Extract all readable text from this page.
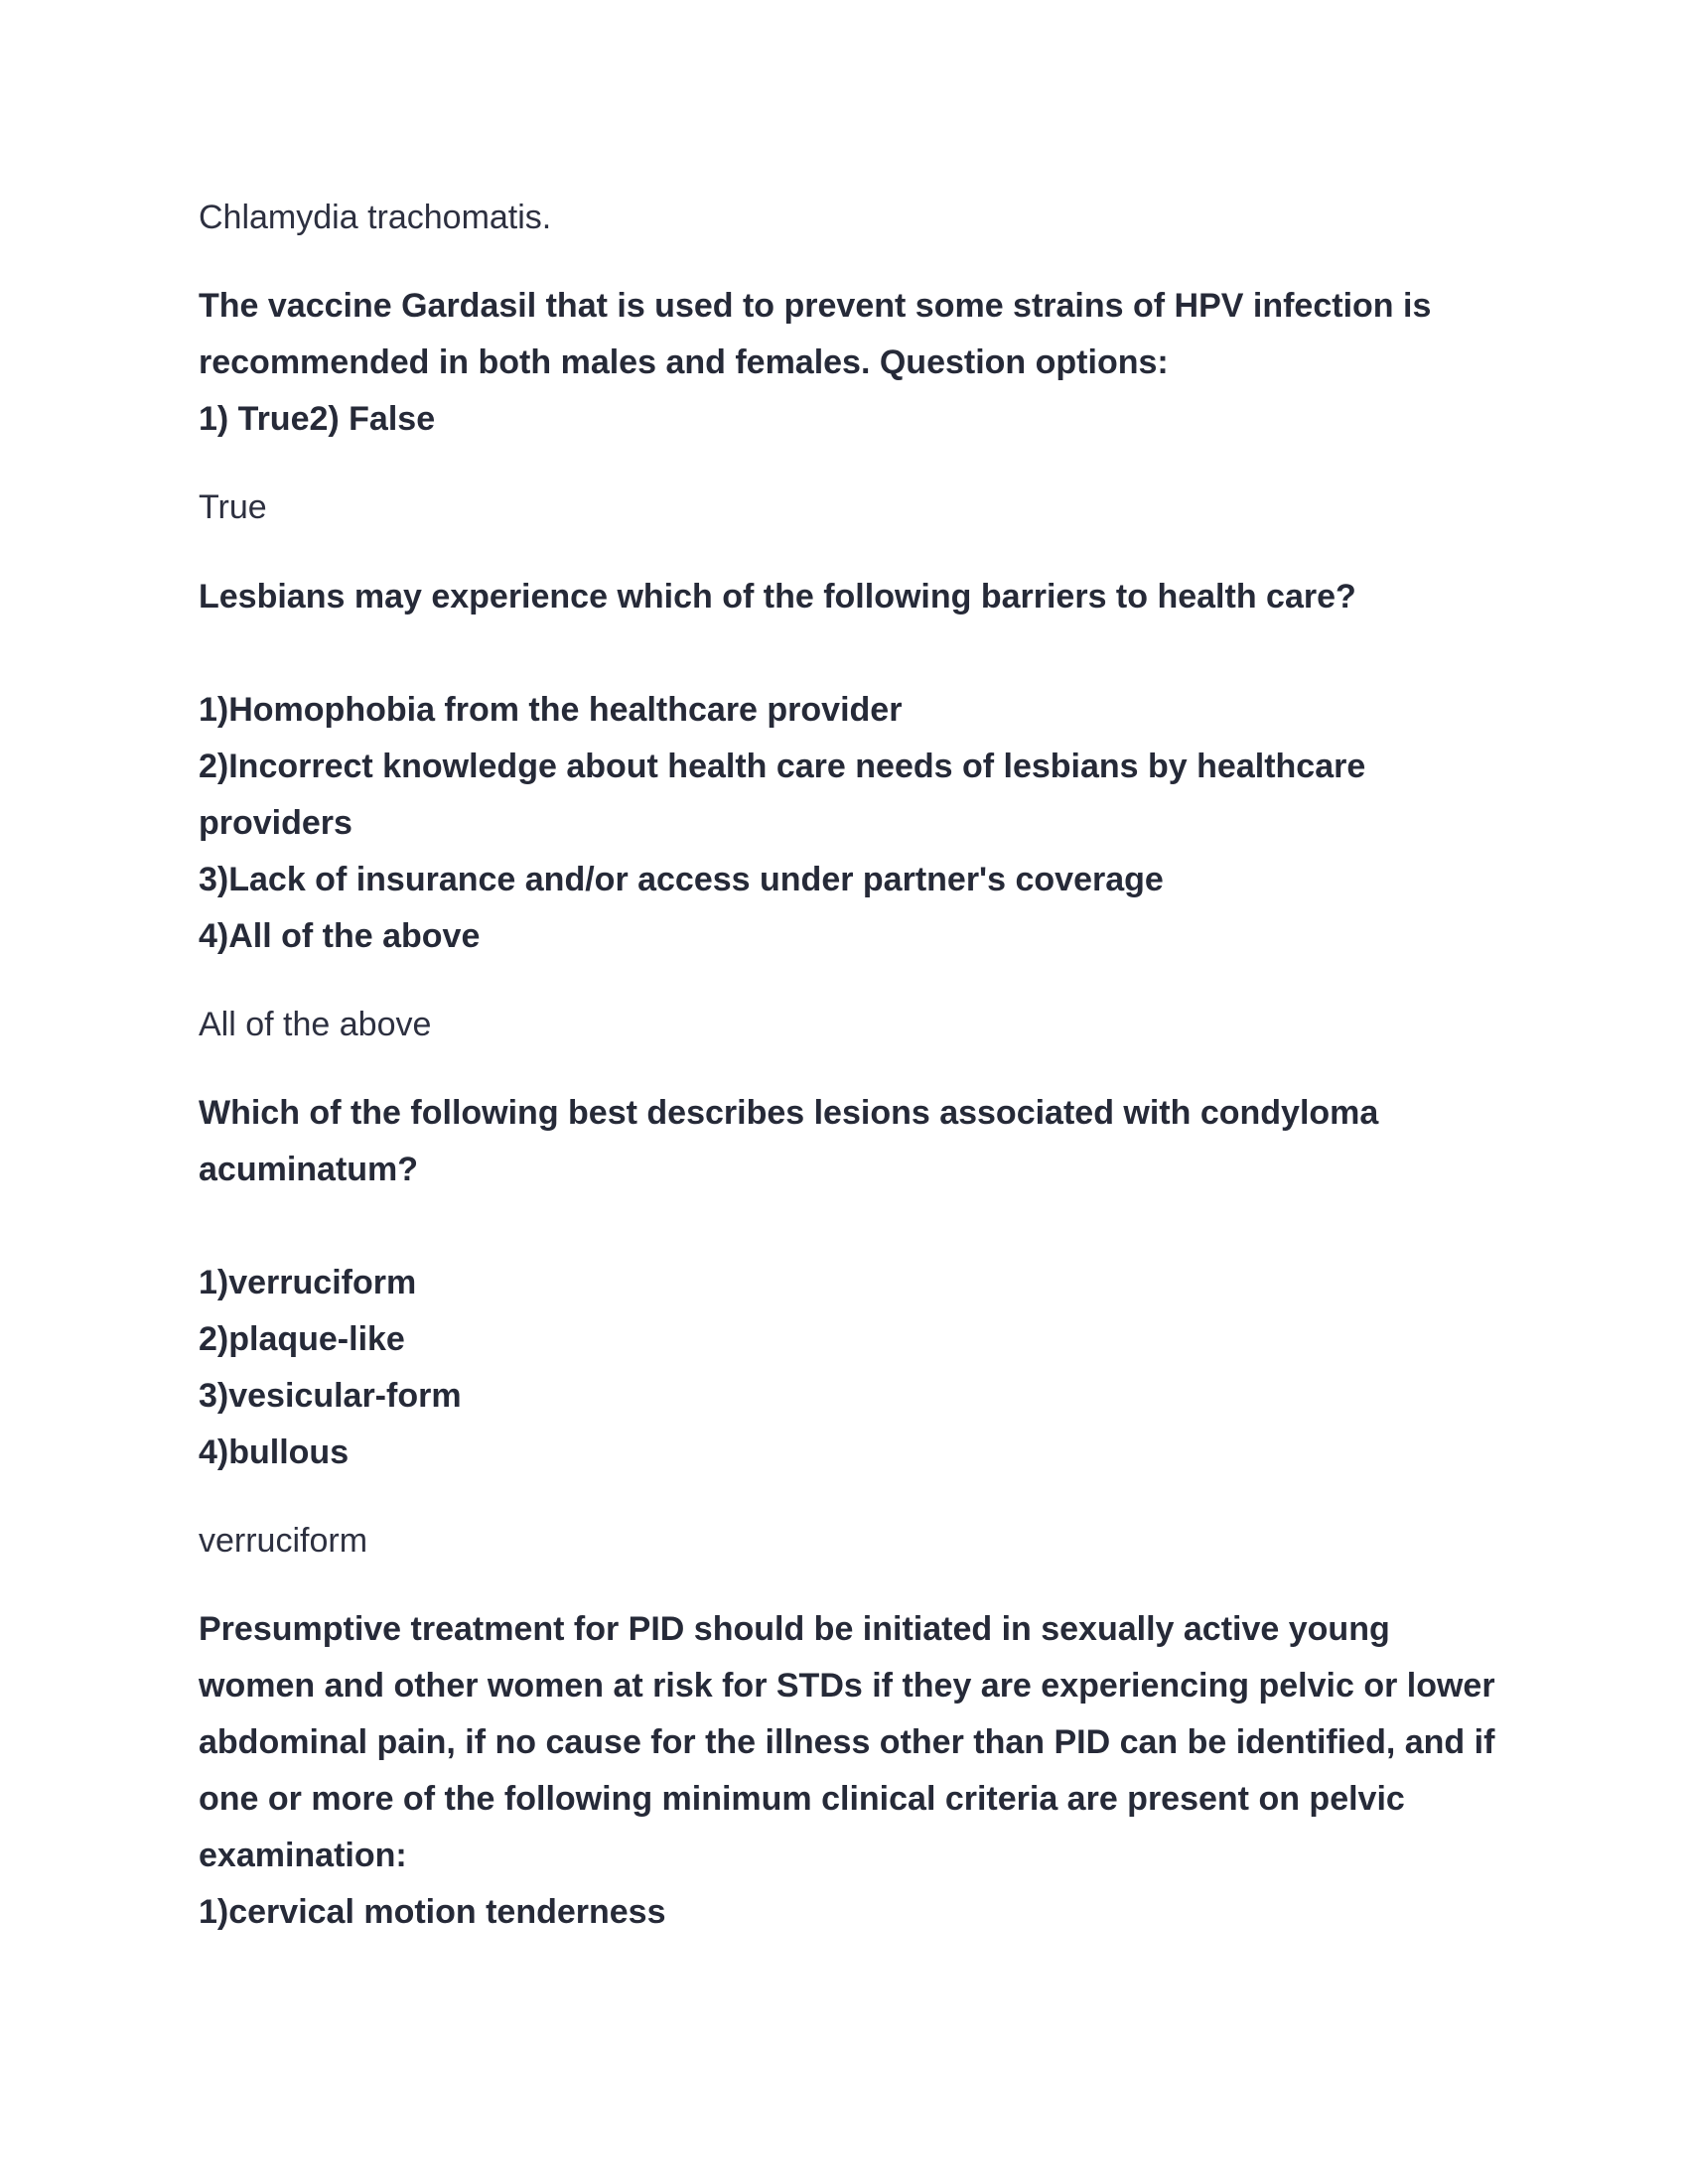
Chlamydia trachomatis.
The vaccine Gardasil that is used to prevent some strains of HPV infection is
recommended in both males and females. Question options:
1) True2) False
True
Lesbians may experience which of the following barriers to health care?
1)Homophobia from the healthcare provider
2)Incorrect knowledge about health care needs of lesbians by healthcare
providers
3)Lack of insurance and/or access under partner's coverage
4)All of the above
All of the above
Which of the following best describes lesions associated with condyloma
acuminatum?
1)verruciform
2)plaque-like
3)vesicular-form
4)bullous
verruciform
Presumptive treatment for PID should be initiated in sexually active young
women and other women at risk for STDs if they are experiencing pelvic or lower
abdominal pain, if no cause for the illness other than PID can be identified, and if
one or more of the following minimum clinical criteria are present on pelvic
examination:
1)cervical motion tenderness
